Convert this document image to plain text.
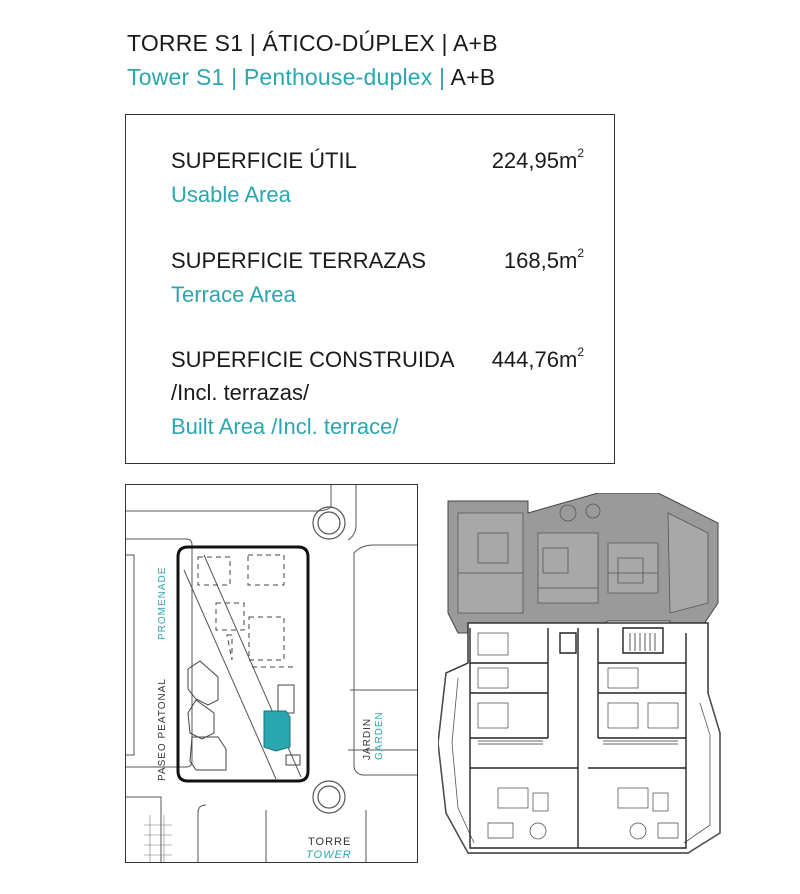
TORRE S1 | ÁTICO-DÚPLEX | A+B
Tower S1 | Penthouse-duplex | A+B
SUPERFICIE ÚTIL
Usable Area
$224,95m^2$
SUPERFICIE TERRAZAS
Terrace Area
$168,5m^2$
SUPERFICIE CONSTRUIDA
/Incl. terrazas/
Built Area /Incl. terrace/
$444,76m^2$
PROMENADE
PASEO PEATONAL	JARDIN GARDEN
TORRE
TOWER
